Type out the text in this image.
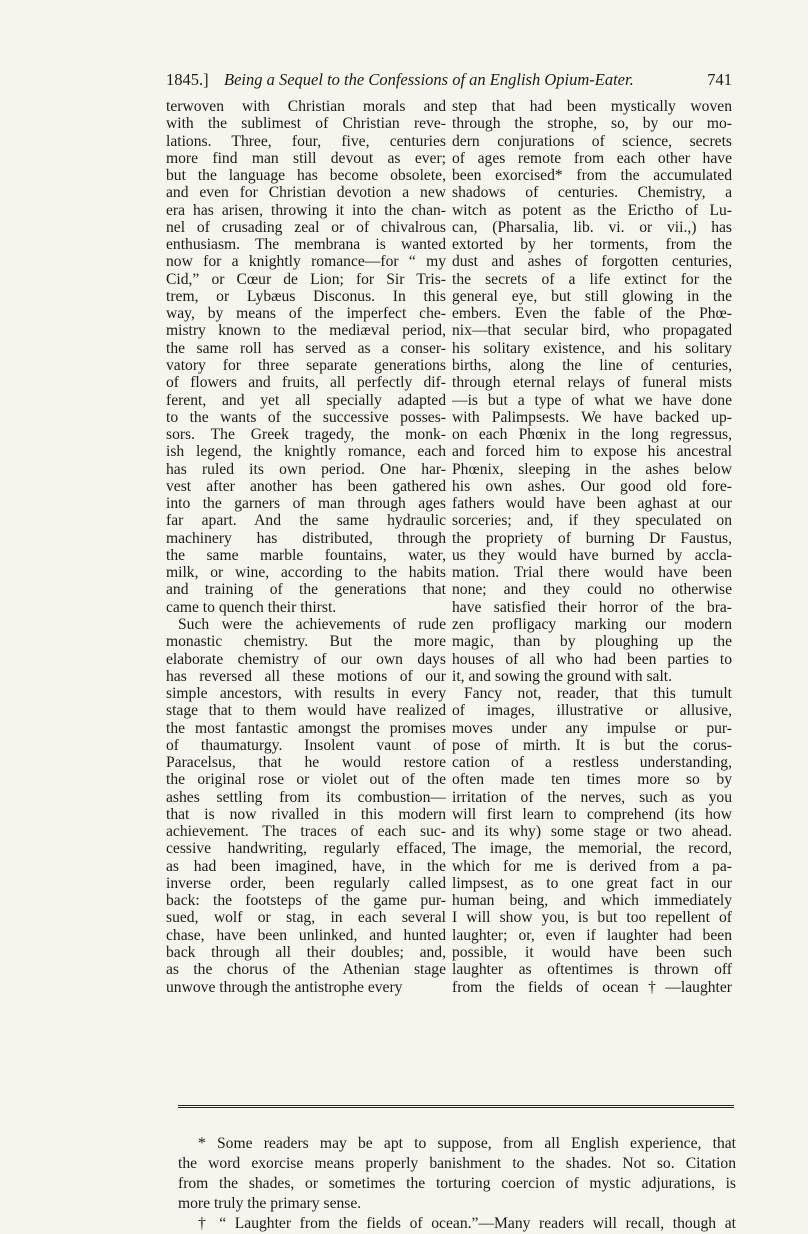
1845.] Being a Sequel to the Confessions of an English Opium-Eater.	741
terwoven with Christian morals and
with the sublimest of Christian reve-
lations. Three, four, five, centuries
more find man still devout as ever;
but the language has become obsolete,
and even for Christian devotion a new
era has arisen, throwing it into the chan-
nel of crusading zeal or of chivalrous
enthusiasm. The membrana is wanted
now for a knightly romance—for “ my
Cid,” or Cœur de Lion; for Sir Tris-
trem, or Lybæus Disconus. In this
way, by means of the imperfect che-
mistry known to the mediæval period,
the same roll has served as a conser-
vatory for three separate generations
of flowers and fruits, all perfectly dif-
ferent, and yet all specially adapted
to the wants of the successive posses-
sors. The Greek tragedy, the monk-
ish legend, the knightly romance, each
has ruled its own period. One har-
vest after another has been gathered
into the garners of man through ages
far apart. And the same hydraulic
machinery has distributed, through
the same marble fountains, water,
milk, or wine, according to the habits
and training of the generations that
came to quench their thirst.
Such were the achievements of rude
monastic chemistry. But the more
elaborate chemistry of our own days
has reversed all these motions of our
simple ancestors, with results in every
stage that to them would have realized
the most fantastic amongst the promises
of thaumaturgy. Insolent vaunt of
Paracelsus, that he would restore
the original rose or violet out of the
ashes settling from its combustion—
that is now rivalled in this modern
achievement. The traces of each suc-
cessive handwriting, regularly effaced,
as had been imagined, have, in the
inverse order, been regularly called
back: the footsteps of the game pur-
sued, wolf or stag, in each several
chase, have been unlinked, and hunted
back through all their doubles; and,
as the chorus of the Athenian stage
unwove through the antistrophe every
step that had been mystically woven
through the strophe, so, by our mo-
dern conjurations of science, secrets
of ages remote from each other have
been exorcised* from the accumulated
shadows of centuries. Chemistry, a
witch as potent as the Erictho of Lu-
can, (Pharsalia, lib. vi. or vii.,) has
extorted by her torments, from the
dust and ashes of forgotten centuries,
the secrets of a life extinct for the
general eye, but still glowing in the
embers. Even the fable of the Phœ-
nix—that secular bird, who propagated
his solitary existence, and his solitary
births, along the line of centuries,
through eternal relays of funeral mists
—is but a type of what we have done
with Palimpsests. We have backed up-
on each Phœnix in the long regressus,
and forced him to expose his ancestral
Phœnix, sleeping in the ashes below
his own ashes. Our good old fore-
fathers would have been aghast at our
sorceries; and, if they speculated on
the propriety of burning Dr Faustus,
us they would have burned by accla-
mation. Trial there would have been
none; and they could no otherwise
have satisfied their horror of the bra-
zen profligacy marking our modern
magic, than by ploughing up the
houses of all who had been parties to
it, and sowing the ground with salt.
Fancy not, reader, that this tumult
of images, illustrative or allusive,
moves under any impulse or pur-
pose of mirth. It is but the corus-
cation of a restless understanding,
often made ten times more so by
irritation of the nerves, such as you
will first learn to comprehend (its how
and its why) some stage or two ahead.
The image, the memorial, the record,
which for me is derived from a pa-
limpsest, as to one great fact in our
human being, and which immediately
I will show you, is but too repellent of
laughter; or, even if laughter had been
possible, it would have been such
laughter as oftentimes is thrown off
from the fields of ocean†—laughter
* Some readers may be apt to suppose, from all English experience, that
the word exorcise means properly banishment to the shades. Not so. Citation
from the shades, or sometimes the torturing coercion of mystic adjurations, is
more truly the primary sense.
† “ Laughter from the fields of ocean.”—Many readers will recall, though at
